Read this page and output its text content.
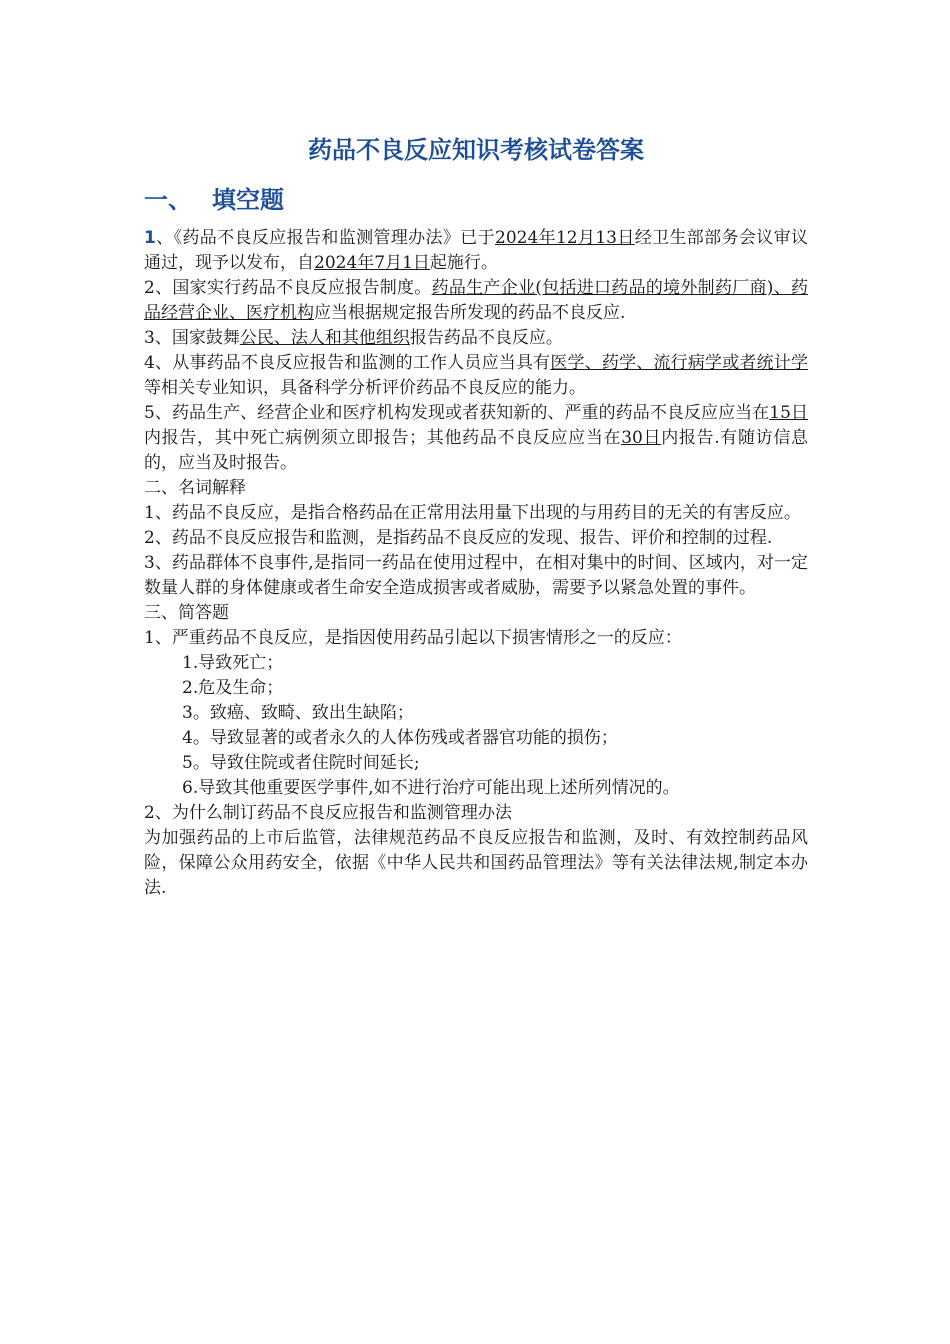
药品不良反应知识考核试卷答案
一、 填空题

1、《药品不良反应报告和监测管理办法》已于2024年12月13日经卫生部部务会议审议通过，现予以发布，自2024年7月1日起施行。

2、国家实行药品不良反应报告制度。药品生产企业(包括进口药品的境外制药厂商)、药品经营企业、医疗机构应当根据规定报告所发现的药品不良反应.

3、国家鼓舞公民、法人和其他组织报告药品不良反应。

4、从事药品不良反应报告和监测的工作人员应当具有医学、药学、流行病学或者统计学等相关专业知识，具备科学分析评价药品不良反应的能力。

5、药品生产、经营企业和医疗机构发现或者获知新的、严重的药品不良反应应当在15日内报告，其中死亡病例须立即报告；其他药品不良反应应当在30日内报告.有随访信息的，应当及时报告。

二、名词解释

1、药品不良反应，是指合格药品在正常用法用量下出现的与用药目的无关的有害反应。

2、药品不良反应报告和监测，是指药品不良反应的发现、报告、评价和控制的过程.

3、药品群体不良事件,是指同一药品在使用过程中，在相对集中的时间、区域内，对一定数量人群的身体健康或者生命安全造成损害或者威胁，需要予以紧急处置的事件。

三、简答题

1、严重药品不良反应，是指因使用药品引起以下损害情形之一的反应：

1.导致死亡；

2.危及生命；

3。致癌、致畸、致出生缺陷；

4。导致显著的或者永久的人体伤残或者器官功能的损伤；

5。导致住院或者住院时间延长;

6.导致其他重要医学事件,如不进行治疗可能出现上述所列情况的。

2、为什么制订药品不良反应报告和监测管理办法

为加强药品的上市后监管，法律规范药品不良反应报告和监测，及时、有效控制药品风险，保障公众用药安全，依据《中华人民共和国药品管理法》等有关法律法规,制定本办法.
